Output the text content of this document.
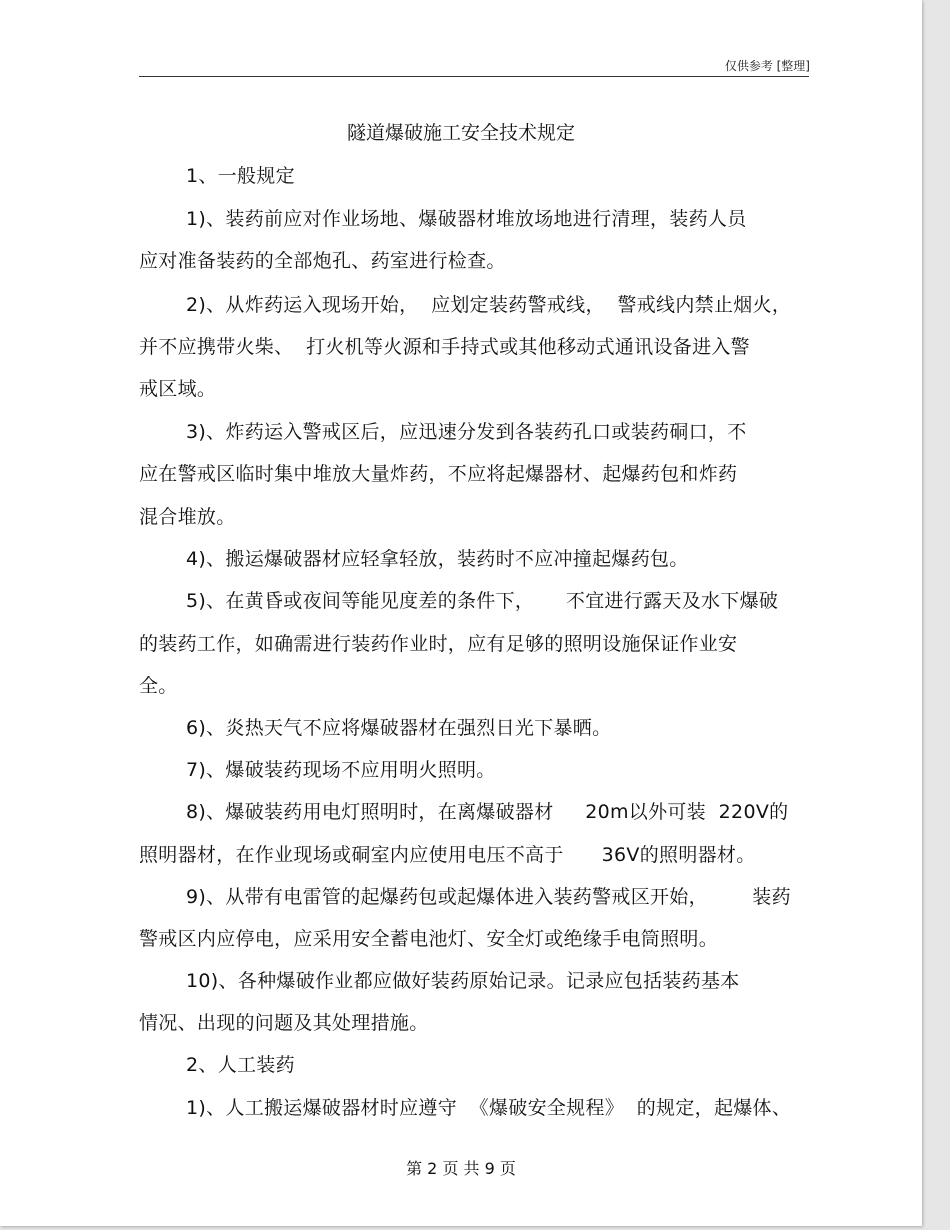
仅供参考 [整理]
隧道爆破施工安全技术规定
1、一般规定
1)、装药前应对作业场地、爆破器材堆放场地进行清理，装药人员
应对准备装药的全部炮孔、药室进行检查。
2)、从炸药运入现场开始，  应划定装药警戒线，  警戒线内禁止烟火，
并不应携带火柴、  打火机等火源和手持式或其他移动式通讯设备进入警
戒区域。
3)、炸药运入警戒区后，应迅速分发到各装药孔口或装药硐口，不
应在警戒区临时集中堆放大量炸药，不应将起爆器材、起爆药包和炸药
混合堆放。
4)、搬运爆破器材应轻拿轻放，装药时不应冲撞起爆药包。
5)、在黄昏或夜间等能见度差的条件下，     不宜进行露天及水下爆破
的装药工作，如确需进行装药作业时，应有足够的照明设施保证作业安
全。
6)、炎热天气不应将爆破器材在强烈日光下暴晒。
7)、爆破装药现场不应用明火照明。
8)、爆破装药用电灯照明时，在离爆破器材     20m以外可装  220V的
照明器材，在作业现场或硐室内应使用电压不高于      36V的照明器材。
9)、从带有电雷管的起爆药包或起爆体进入装药警戒区开始，       装药
警戒区内应停电，应采用安全蓄电池灯、安全灯或绝缘手电筒照明。
10)、各种爆破作业都应做好装药原始记录。记录应包括装药基本
情况、出现的问题及其处理措施。
2、人工装药
1)、人工搬运爆破器材时应遵守  《爆破安全规程》  的规定，起爆体、
第 2 页 共 9 页
